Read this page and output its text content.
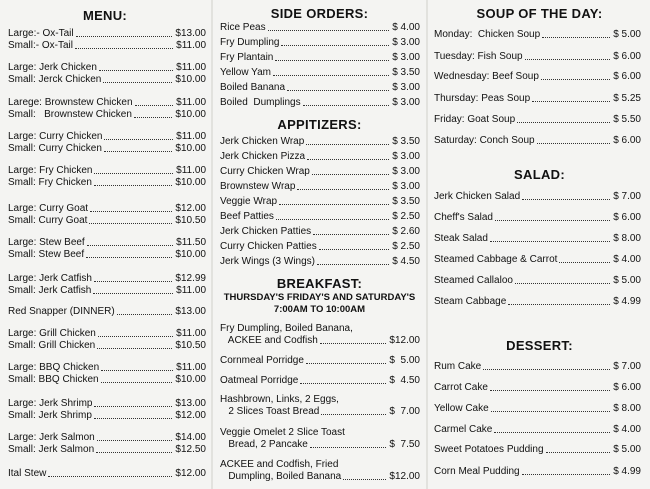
MENU:
Large:- Ox-Tail	$13.00
Small:- Ox-Tail	$11.00
Large: Jerk Chicken	$11.00
Small: Jerck Chicken	$10.00
Larege: Brownstew Chicken	$11.00
Small:   Brownstew Chicken	$10.00
Large: Curry Chicken	$11.00
Small: Curry Chicken	$10.00
Large: Fry Chicken	$11.00
Small: Fry Chicken	$10.00
Large: Curry Goat	$12.00
Small: Curry Goat	$10.50
Large: Stew Beef	$11.50
Small: Stew Beef	$10.00
Large: Jerk Catfish	$12.99
Small: Jerk Catfish	$11.00
Red Snapper (DINNER)	$13.00
Large: Grill Chicken	$11.00
Small: Grill Chicken	$10.50
Large: BBQ Chicken	$11.00
Small: BBQ Chicken	$10.00
Large: Jerk Shrimp	$13.00
Small: Jerk Shrimp	$12.00
Large: Jerk Salmon	$14.00
Small: Jerk Salmon	$12.50
Ital Stew	$12.00
SIDE ORDERS:
Rice Peas	$ 4.00
Fry Dumpling	$ 3.00
Fry Plantain	$ 3.00
Yellow Yam	$ 3.50
Boiled Banana	$ 3.00
Boiled  Dumplings	$ 3.00
APPITIZERS:
Jerk Chicken Wrap	$ 3.50
Jerk Chicken Pizza	$ 3.00
Curry Chicken Wrap	$ 3.00
Brownstew Wrap	$ 3.00
Veggie Wrap	$ 3.50
Beef Patties	$ 2.50
Jerk Chicken Patties	$ 2.60
Curry Chicken Patties	$ 2.50
Jerk Wings (3 Wings)	$ 4.50
BREAKFAST:
THURSDAY'S FRIDAY'S AND SATURDAY'S
7:00AM TO 10:00AM
Fry Dumpling, Boiled Banana,
ACKEE and Codfish	$12.00
Cornmeal Porridge	$  5.00
Oatmeal Porridge	$  4.50
Hashbrown, Links, 2 Eggs,
2 Slices Toast Bread	$  7.00
Veggie Omelet 2 Slice Toast
Bread, 2 Pancake	$  7.50
ACKEE and Codfish, Fried
Dumpling, Boiled Banana	$12.00
SOUP OF THE DAY:
Monday:  Chicken Soup	$ 5.00
Tuesday: Fish Soup	$ 6.00
Wednesday: Beef Soup	$ 6.00
Thursday: Peas Soup	$ 5.25
Friday: Goat Soup	$ 5.50
Saturday: Conch Soup	$ 6.00
SALAD:
Jerk Chicken Salad	$ 7.00
Cheff's Salad	$ 6.00
Steak Salad	$ 8.00
Steamed Cabbage & Carrot	$ 4.00
Steamed Callaloo	$ 5.00
Steam Cabbage	$ 4.99
DESSERT:
Rum Cake	$ 7.00
Carrot Cake	$ 6.00
Yellow Cake	$ 8.00
Carmel Cake	$ 4.00
Sweet Potatoes Pudding	$ 5.00
Corn Meal Pudding	$ 4.99
